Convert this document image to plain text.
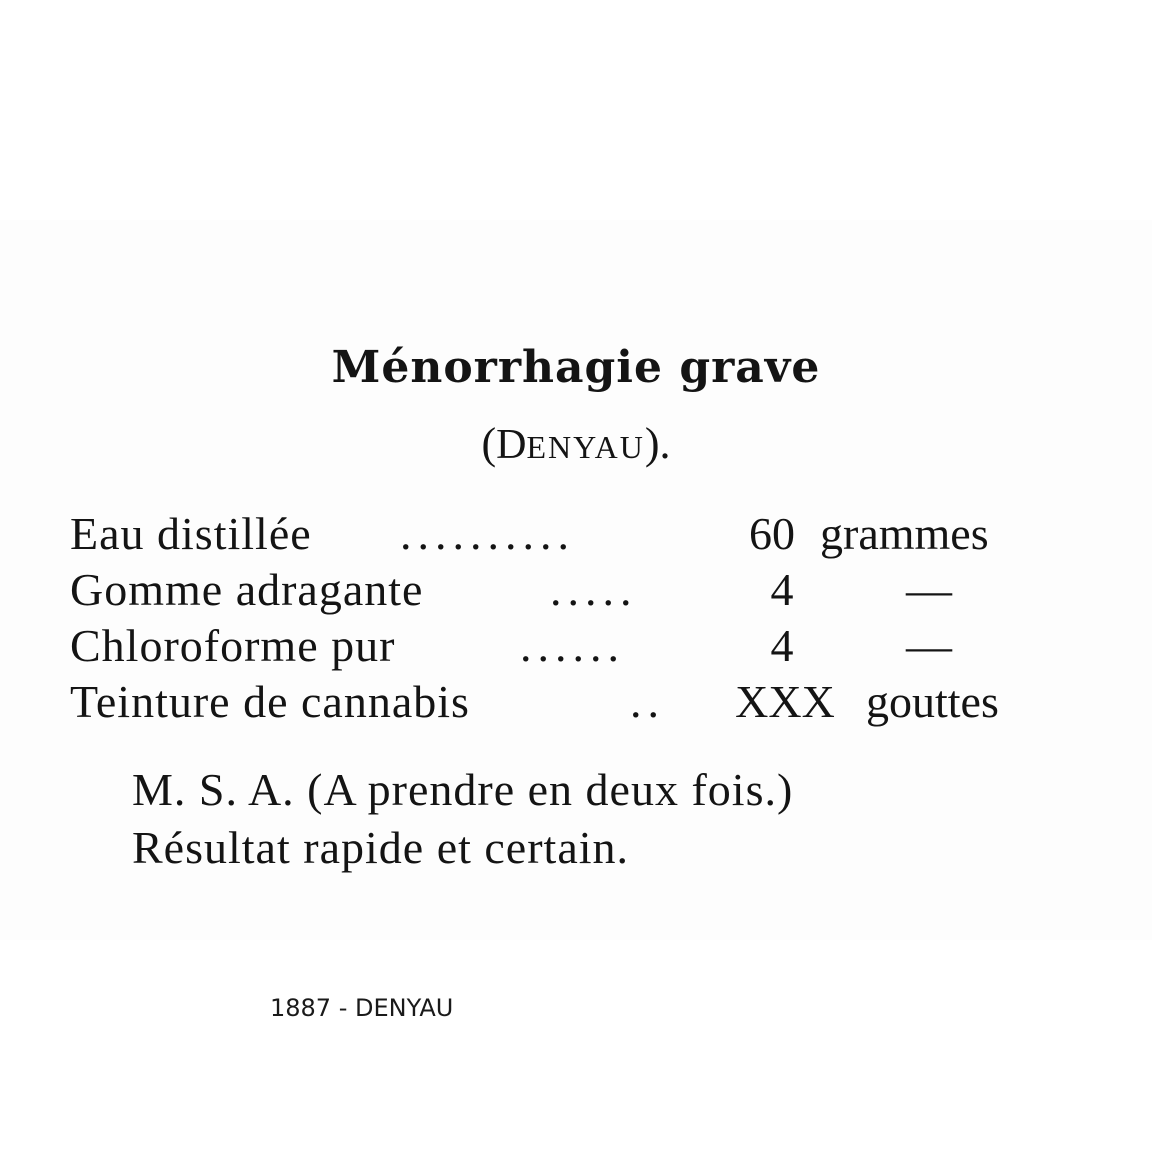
Ménorrhagie grave
(DENYAU).
Eau distillée ..........	60 grammes
Gomme adragante	.....	4	—
Chloroforme pur	......	4	—
Teinture de cannabis	..	XXX gouttes
M. S. A. (A prendre en deux fois.)
Résultat rapide et certain.
1887 - DENYAU
